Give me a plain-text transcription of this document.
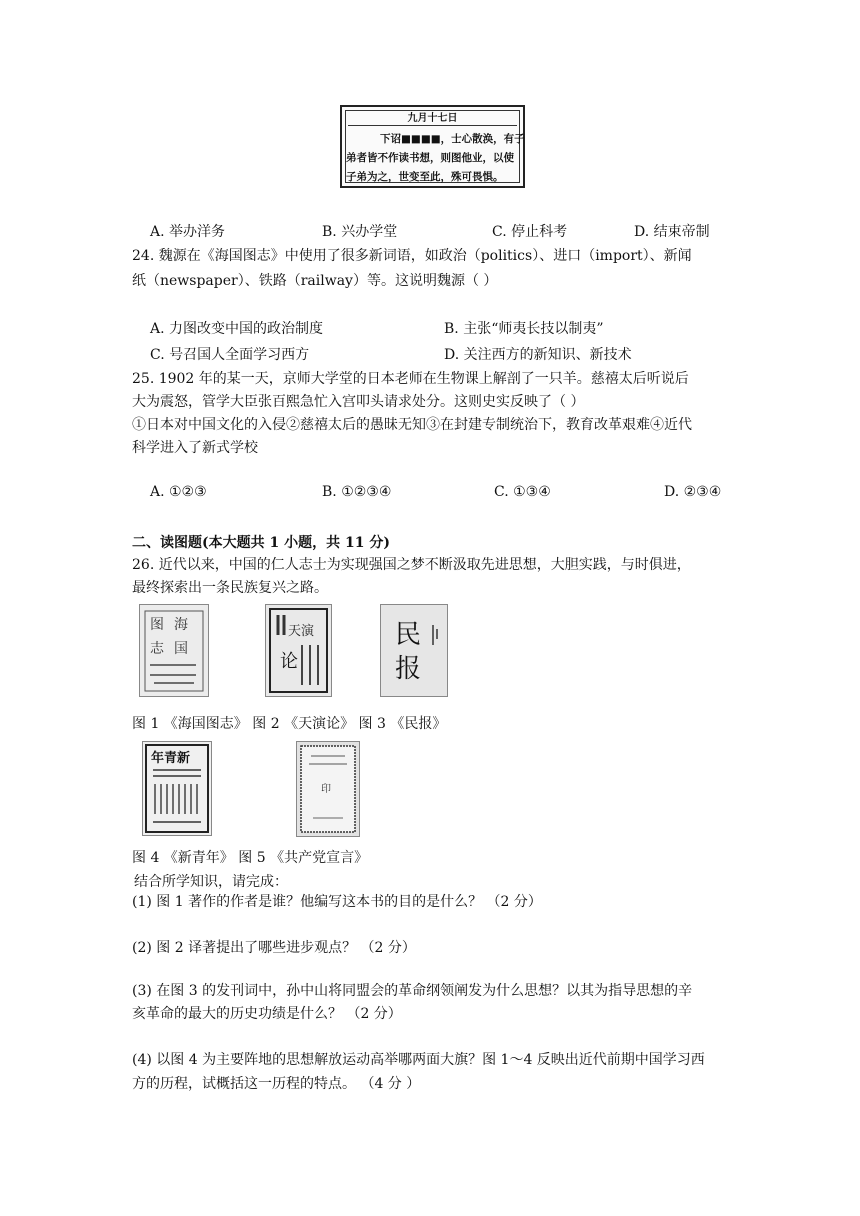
九月十七日
下诏■■■■，士心散涣，有子
弟者皆不作读书想，则图他业，以使
子弟为之，世变至此，殊可畏惧。
A. 举办洋务	B. 兴办学堂	C. 停止科考	D. 结束帝制
24. 魏源在《海国图志》中使用了很多新词语，如政治（politics）、进口（import）、新闻
纸（newspaper）、铁路（railway）等。这说明魏源（ ）
A. 力图改变中国的政治制度	B. 主张“师夷长技以制夷”
C. 号召国人全面学习西方	D. 关注西方的新知识、新技术
25. 1902 年的某一天，京师大学堂的日本老师在生物课上解剖了一只羊。慈禧太后听说后
大为震怒，管学大臣张百熙急忙入宫叩头请求处分。这则史实反映了（ ）
①日本对中国文化的入侵②慈禧太后的愚昧无知③在封建专制统治下，教育改革艰难④近代
科学进入了新式学校
A. ①②③	B. ①②③④	C. ①③④	D. ②③④
二、读图题(本大题共 1 小题，共 11 分)
26. 近代以来，中国的仁人志士为实现强国之梦不断汲取先进思想，大胆实践，与时俱进，
最终探索出一条民族复兴之路。
图 海
志 国
天演
论
民
报
图 1 《海国图志》 图 2 《天演论》 图 3 《民报》
年青新
印
图 4 《新青年》 图 5 《共产党宣言》
结合所学知识，请完成：
(1) 图 1 著作的作者是谁？他编写这本书的目的是什么？ （2 分）
(2) 图 2 译著提出了哪些进步观点？ （2 分）
(3) 在图 3 的发刊词中，孙中山将同盟会的革命纲领阐发为什么思想？以其为指导思想的辛
亥革命的最大的历史功绩是什么？ （2 分）
(4) 以图 4 为主要阵地的思想解放运动高举哪两面大旗？图 1～4 反映出近代前期中国学习西
方的历程，试概括这一历程的特点。 （4 分 ）
